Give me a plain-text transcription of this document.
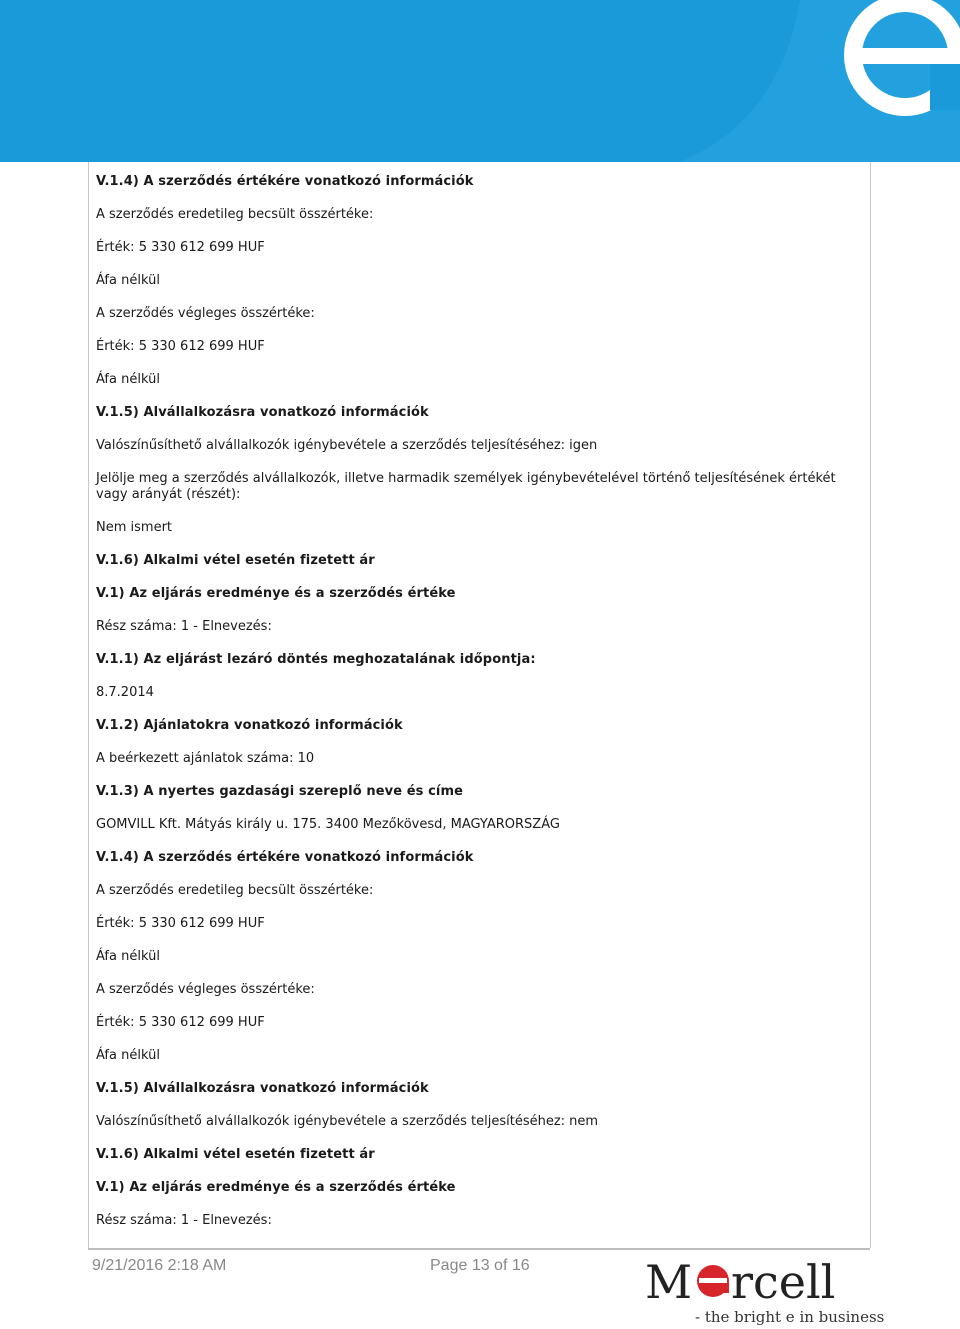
V.1.4) A szerződés értékére vonatkozó információk
A szerződés eredetileg becsült összértéke:
Érték: 5 330 612 699 HUF
Áfa nélkül
A szerződés végleges összértéke:
Érték: 5 330 612 699 HUF
Áfa nélkül
V.1.5) Alvállalkozásra vonatkozó információk
Valószínűsíthető alvállalkozók igénybevétele a szerződés teljesítéséhez: igen
Jelölje meg a szerződés alvállalkozók, illetve harmadik személyek igénybevételével történő teljesítésének értékét vagy arányát (részét):
Nem ismert
V.1.6) Alkalmi vétel esetén fizetett ár
V.1) Az eljárás eredménye és a szerződés értéke
Rész száma: 1 - Elnevezés:
V.1.1) Az eljárást lezáró döntés meghozatalának időpontja:
8.7.2014
V.1.2) Ajánlatokra vonatkozó információk
A beérkezett ajánlatok száma: 10
V.1.3) A nyertes gazdasági szereplő neve és címe
GOMVILL Kft. Mátyás király u. 175. 3400 Mezőkövesd, MAGYARORSZÁG
V.1.4) A szerződés értékére vonatkozó információk
A szerződés eredetileg becsült összértéke:
Érték: 5 330 612 699 HUF
Áfa nélkül
A szerződés végleges összértéke:
Érték: 5 330 612 699 HUF
Áfa nélkül
V.1.5) Alvállalkozásra vonatkozó információk
Valószínűsíthető alvállalkozók igénybevétele a szerződés teljesítéséhez: nem
V.1.6) Alkalmi vétel esetén fizetett ár
V.1) Az eljárás eredménye és a szerződés értéke
Rész száma: 1 - Elnevezés:
9/21/2016 2:18 AM	Page 13 of 16	M rcell
- the bright e in business
